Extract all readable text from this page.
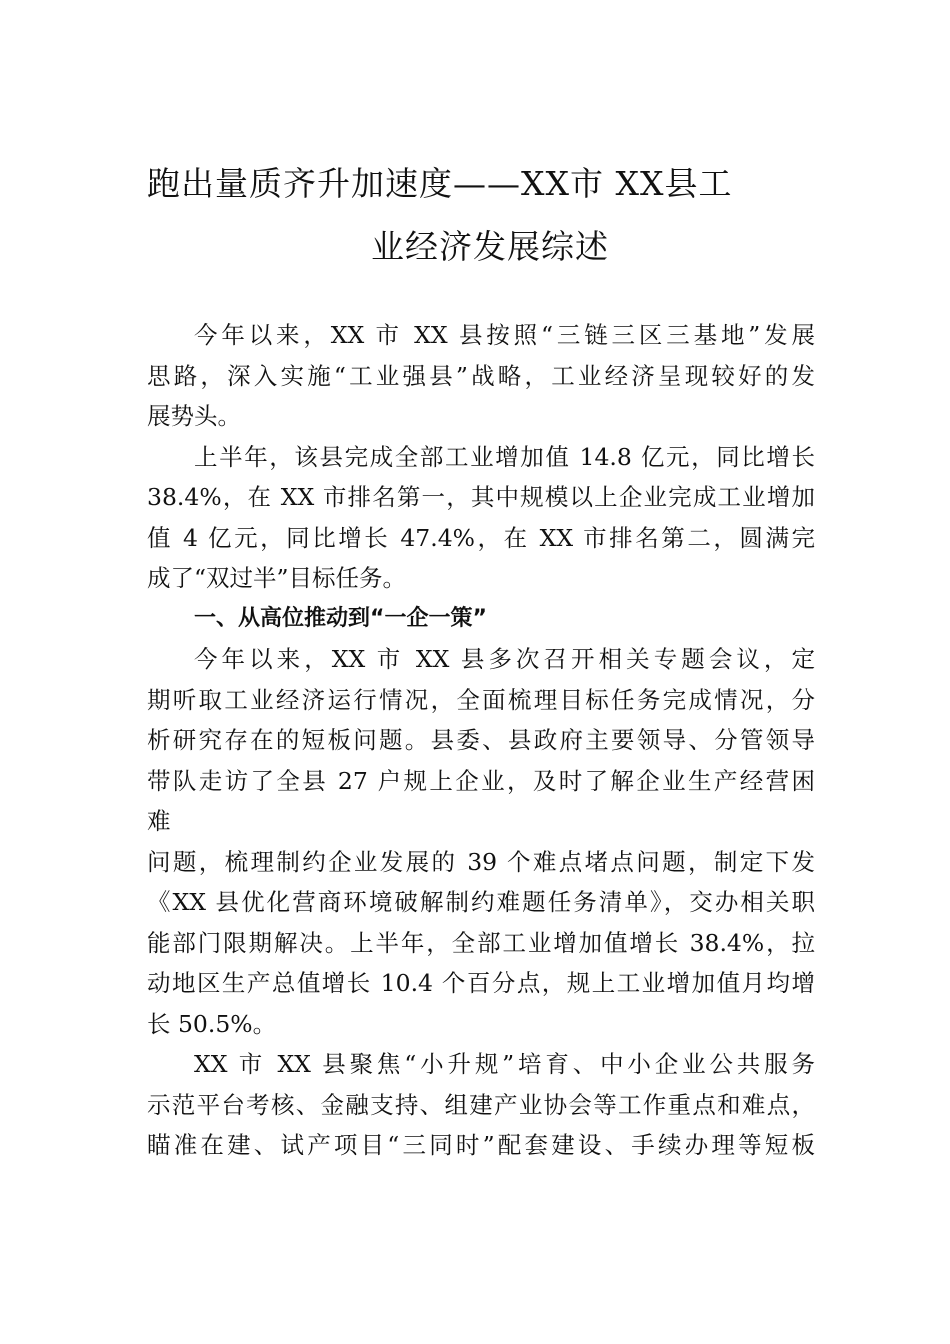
跑出量质齐升加速度——XX市 XX县工
业经济发展综述
今年以来，XX 市 XX 县按照“三链三区三基地”发展
思路，深入实施“工业强县”战略，工业经济呈现较好的发
展势头。
上半年，该县完成全部工业增加值 14.8 亿元，同比增长
38.4%，在 XX 市排名第一，其中规模以上企业完成工业增加
值 4 亿元，同比增长 47.4%，在 XX 市排名第二，圆满完
成了“双过半”目标任务。
一、从高位推动到“一企一策”
今年以来，XX 市 XX 县多次召开相关专题会议，定
期听取工业经济运行情况，全面梳理目标任务完成情况，分
析研究存在的短板问题。县委、县政府主要领导、分管领导
带队走访了全县 27 户规上企业，及时了解企业生产经营困
难
问题，梳理制约企业发展的 39 个难点堵点问题，制定下发
《XX 县优化营商环境破解制约难题任务清单》，交办相关职
能部门限期解决。上半年，全部工业增加值增长 38.4%，拉
动地区生产总值增长 10.4 个百分点，规上工业增加值月均增
长 50.5%。
XX 市 XX 县聚焦“小升规”培育、中小企业公共服务
示范平台考核、金融支持、组建产业协会等工作重点和难点，
瞄准在建、试产项目“三同时”配套建设、手续办理等短板
